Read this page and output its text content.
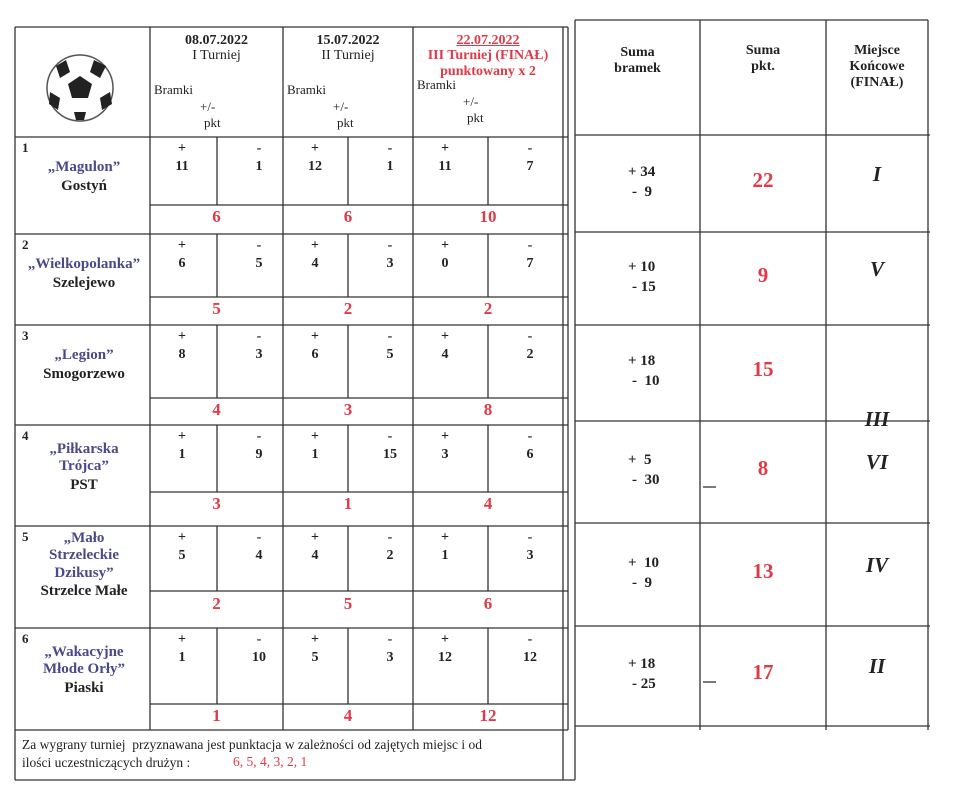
08.07.2022
I Turniej
Bramki
+/-
pkt
15.07.2022
II Turniej
Bramki
+/-
pkt
22.07.2022
III Turniej (FINAŁ)
punktowany x 2
Bramki
+/-
pkt
Suma
bramek
Suma
pkt.
Miejsce
Końcowe
(FINAŁ)
1
„Magulon”
Gostyń
+	-
11	1
6
+	-
12	1
6
+	-
11	7
10
+ 34
-  9	22	I
2
„Wielkopolanka”
Szelejewo
+	-
6	5
5
+	-
4	3
2
+	-
0	7
2
+ 10
- 15	9	V
3
„Legion”
Smogorzewo
+	-
8	3
4
+	-
6	5
3
+	-
4	2
8
+ 18
-  10	15
III
4
„Piłkarska
Trójca”
PST
+	-
1	9
3
+	-
1	15
1
+	-
3	6
4
+  5
-  30	8	VI
5	„Mało
Strzeleckie
Dzikusy”
Strzelce Małe
+	-
5	4
2
+	-
4	2
5
+	-
1	3
6
+  10
-  9	13	IV
6
„Wakacyjne
Młode Orły”
Piaski
+	-
1	10
1
+	-
5	3
4
+	-
12	12
12
+ 18
- 25	17	II
Za wygrany turniej  przyznawana jest punktacja w zależności od zajętych miejsc i od
ilości uczestniczących drużyn :	6, 5, 4, 3, 2, 1
